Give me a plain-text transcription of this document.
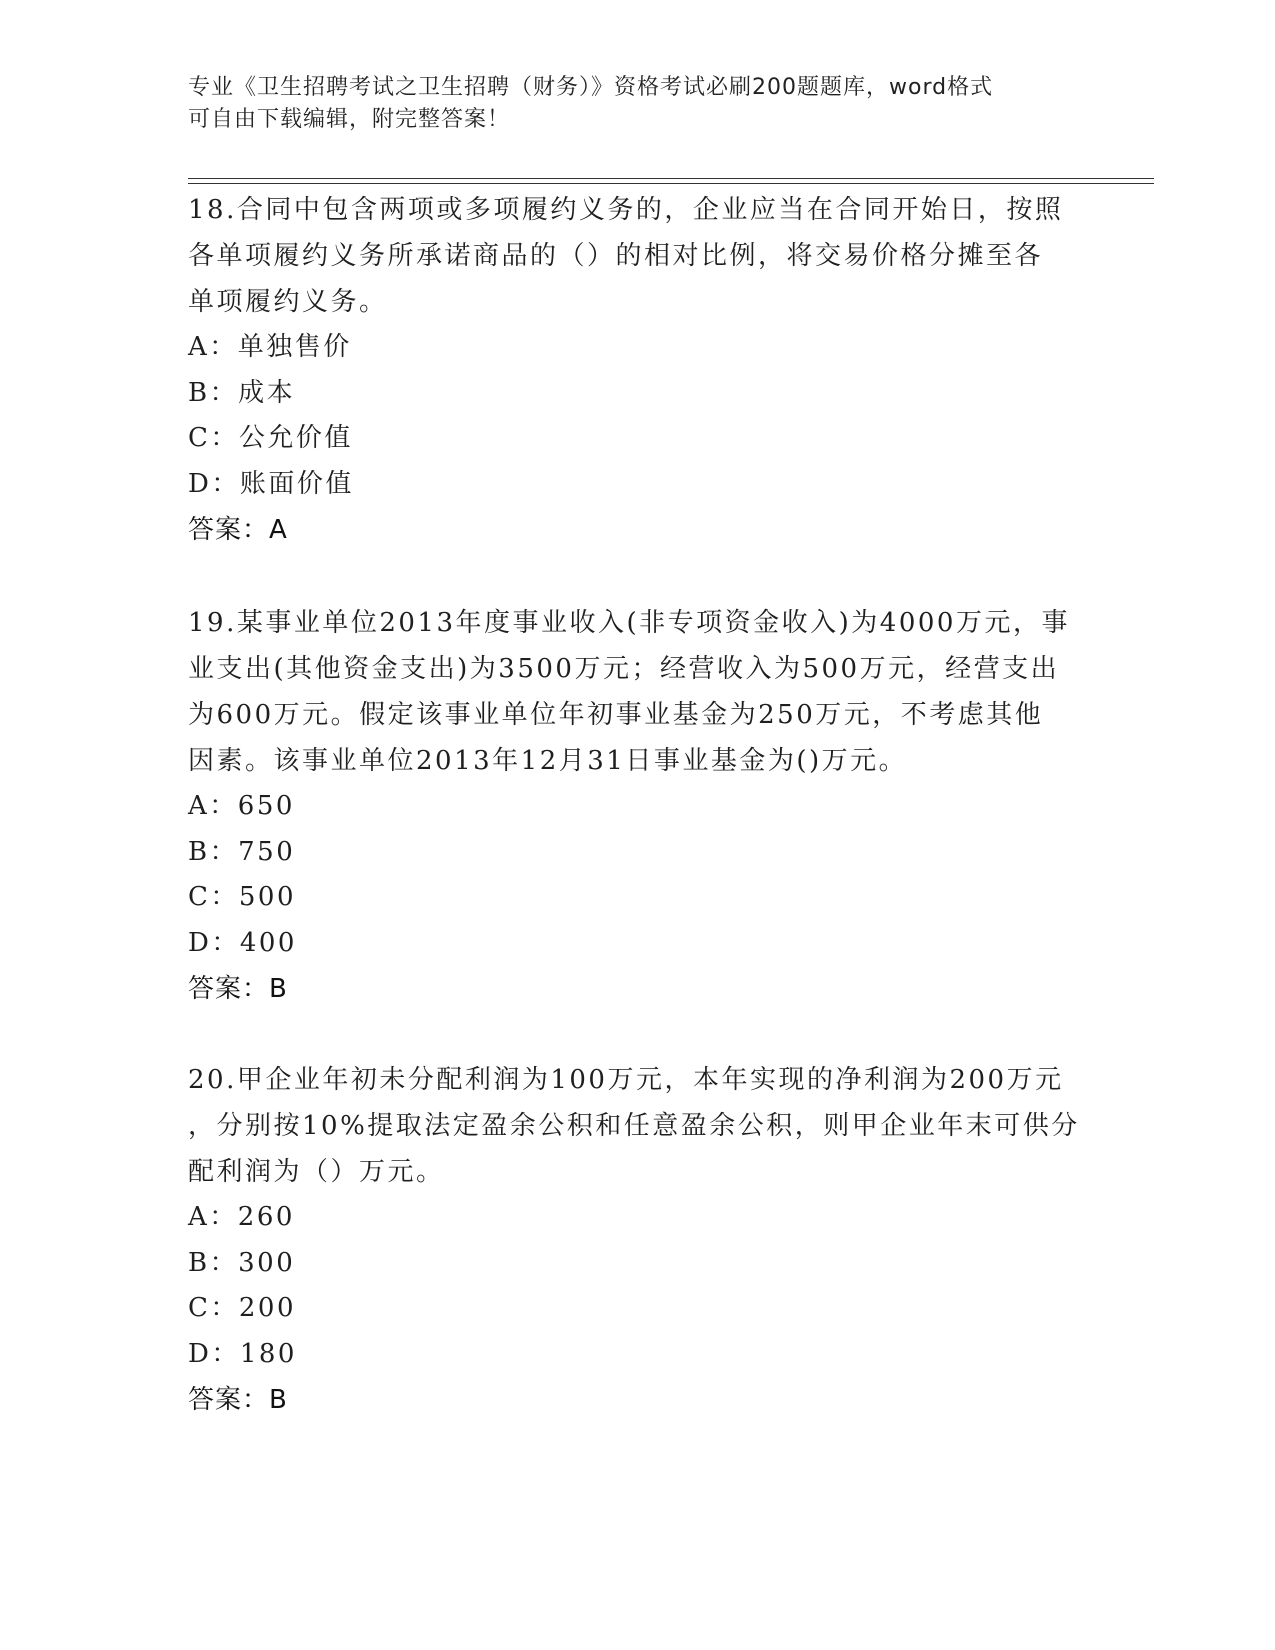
专业《卫生招聘考试之卫生招聘（财务）》资格考试必刷200题题库，word格式
可自由下载编辑，附完整答案！
18.合同中包含两项或多项履约义务的，企业应当在合同开始日，按照
各单项履约义务所承诺商品的（）的相对比例，将交易价格分摊至各
单项履约义务。
A：单独售价
B：成本
C：公允价值
D：账面价值
答案：A
19.某事业单位2013年度事业收入(非专项资金收入)为4000万元，事
业支出(其他资金支出)为3500万元；经营收入为500万元，经营支出
为600万元。假定该事业单位年初事业基金为250万元，不考虑其他
因素。该事业单位2013年12月31日事业基金为()万元。
A：650
B：750
C：500
D：400
答案：B
20.甲企业年初未分配利润为100万元，本年实现的净利润为200万元
，分别按10%提取法定盈余公积和任意盈余公积，则甲企业年末可供分
配利润为（）万元。
A：260
B：300
C：200
D：180
答案：B
